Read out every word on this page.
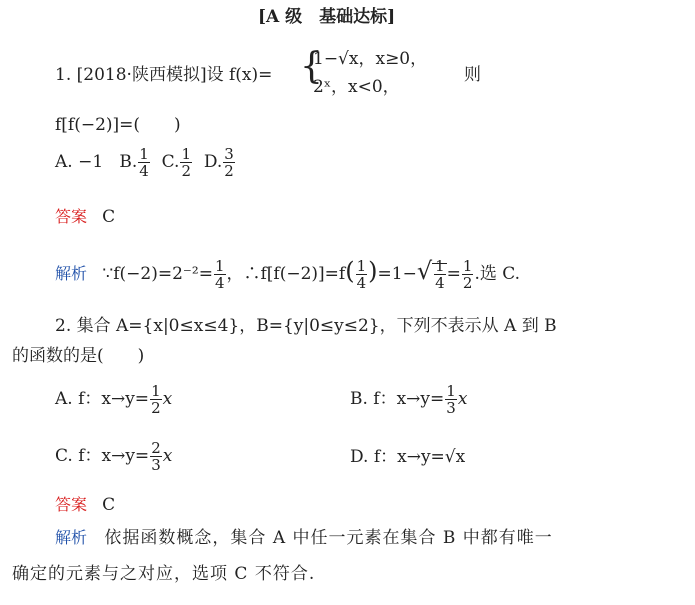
[A 级　基础达标]
1. [2018·陕西模拟]设 f(x)= {
1−√x，x≥0，
2ˣ，x<0，
则
f[f(−2)]=(　　)
A. −1 B. $\frac{1}{4} C$. $\frac{1}{2} D$. $\frac{3}{2}$
答案 C
解析 ∵f(−2)=2⁻²= $\frac{1}{4}$ ，∴f[f(−2)]=f( $\frac{1}{4} )=1-√ \frac{1}{4} = \frac{1}{2}$ .选 C.
2. 集合 A={x|0≤x≤4}，B={y|0≤y≤2}，下列不表示从 A 到 B
的函数的是(　　)
A. f：$x\to y= \frac{1}{2}$ x	B. f：$x\to y= \frac{1}{3}$ x
C. f：$x\to y= \frac{2}{3}$ x	D. f：x→y=√x
答案 C
解析 依据函数概念，集合 A 中任一元素在集合 B 中都有唯一
确定的元素与之对应，选项 C 不符合.
